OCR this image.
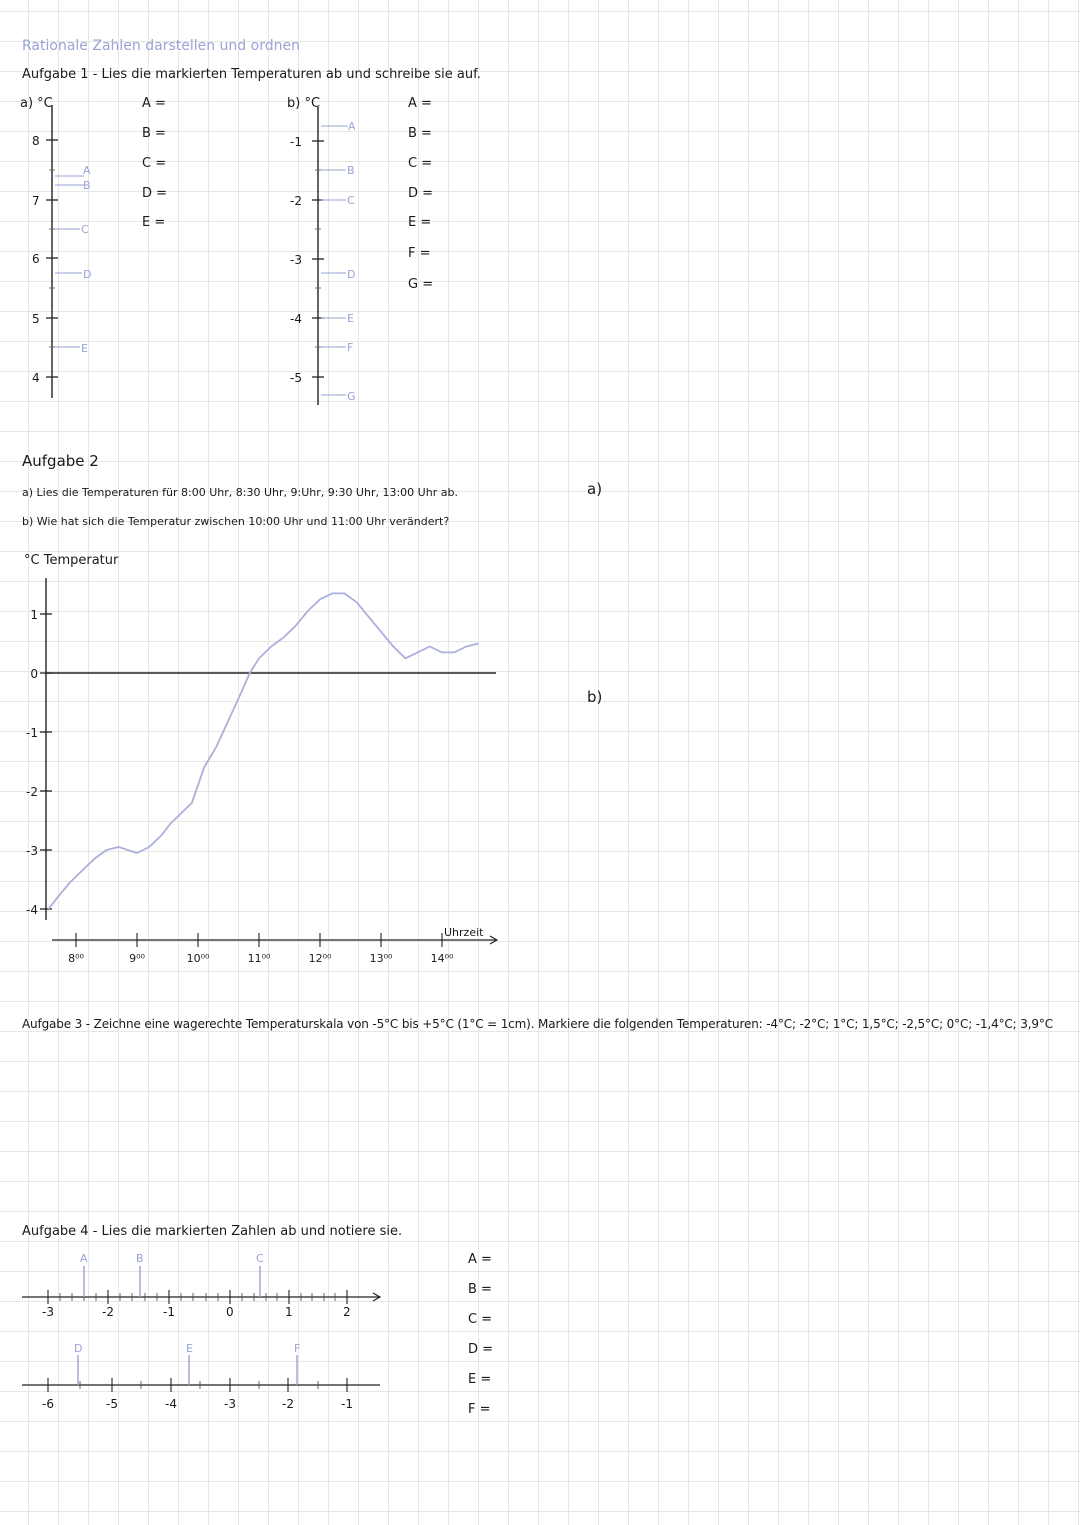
Rationale Zahlen darstellen und ordnen
Aufgabe 1 - Lies die markierten Temperaturen ab und schreibe sie auf.
a) °C	b) °C
A =
B =
C =
D =
E =
A =
B =
C =
D =
E =
F =
G =
8
7
6
5
4
A
B
C
D
E
-1
-2
-3
-4
-5
A
B
C
D
E
F
G
Aufgabe 2
a) Lies die Temperaturen für 8:00 Uhr, 8:30 Uhr, 9:Uhr, 9:30 Uhr, 13:00 Uhr ab.
b) Wie hat sich die Temperatur zwischen 10:00 Uhr und 11:00 Uhr verändert?
a)
b)
°C Temperatur
1
0
-1
-2
-3
-4
8⁰⁰	9⁰⁰	10⁰⁰	11⁰⁰	12⁰⁰	13⁰⁰	14⁰⁰
Uhrzeit
Aufgabe 3 - Zeichne eine wagerechte Temperaturskala von -5°C bis +5°C (1°C = 1cm). Markiere die folgenden Temperaturen: -4°C; -2°C; 1°C; 1,5°C; -2,5°C; 0°C; -1,4°C; 3,9°C
Aufgabe 4 - Lies die markierten Zahlen ab und notiere sie.
A =
B =
C =
D =
E =
F =
-3	-2	-1	0	1	2
A	B	C
-6	-5	-4	-3	-2	-1
D	E	F
